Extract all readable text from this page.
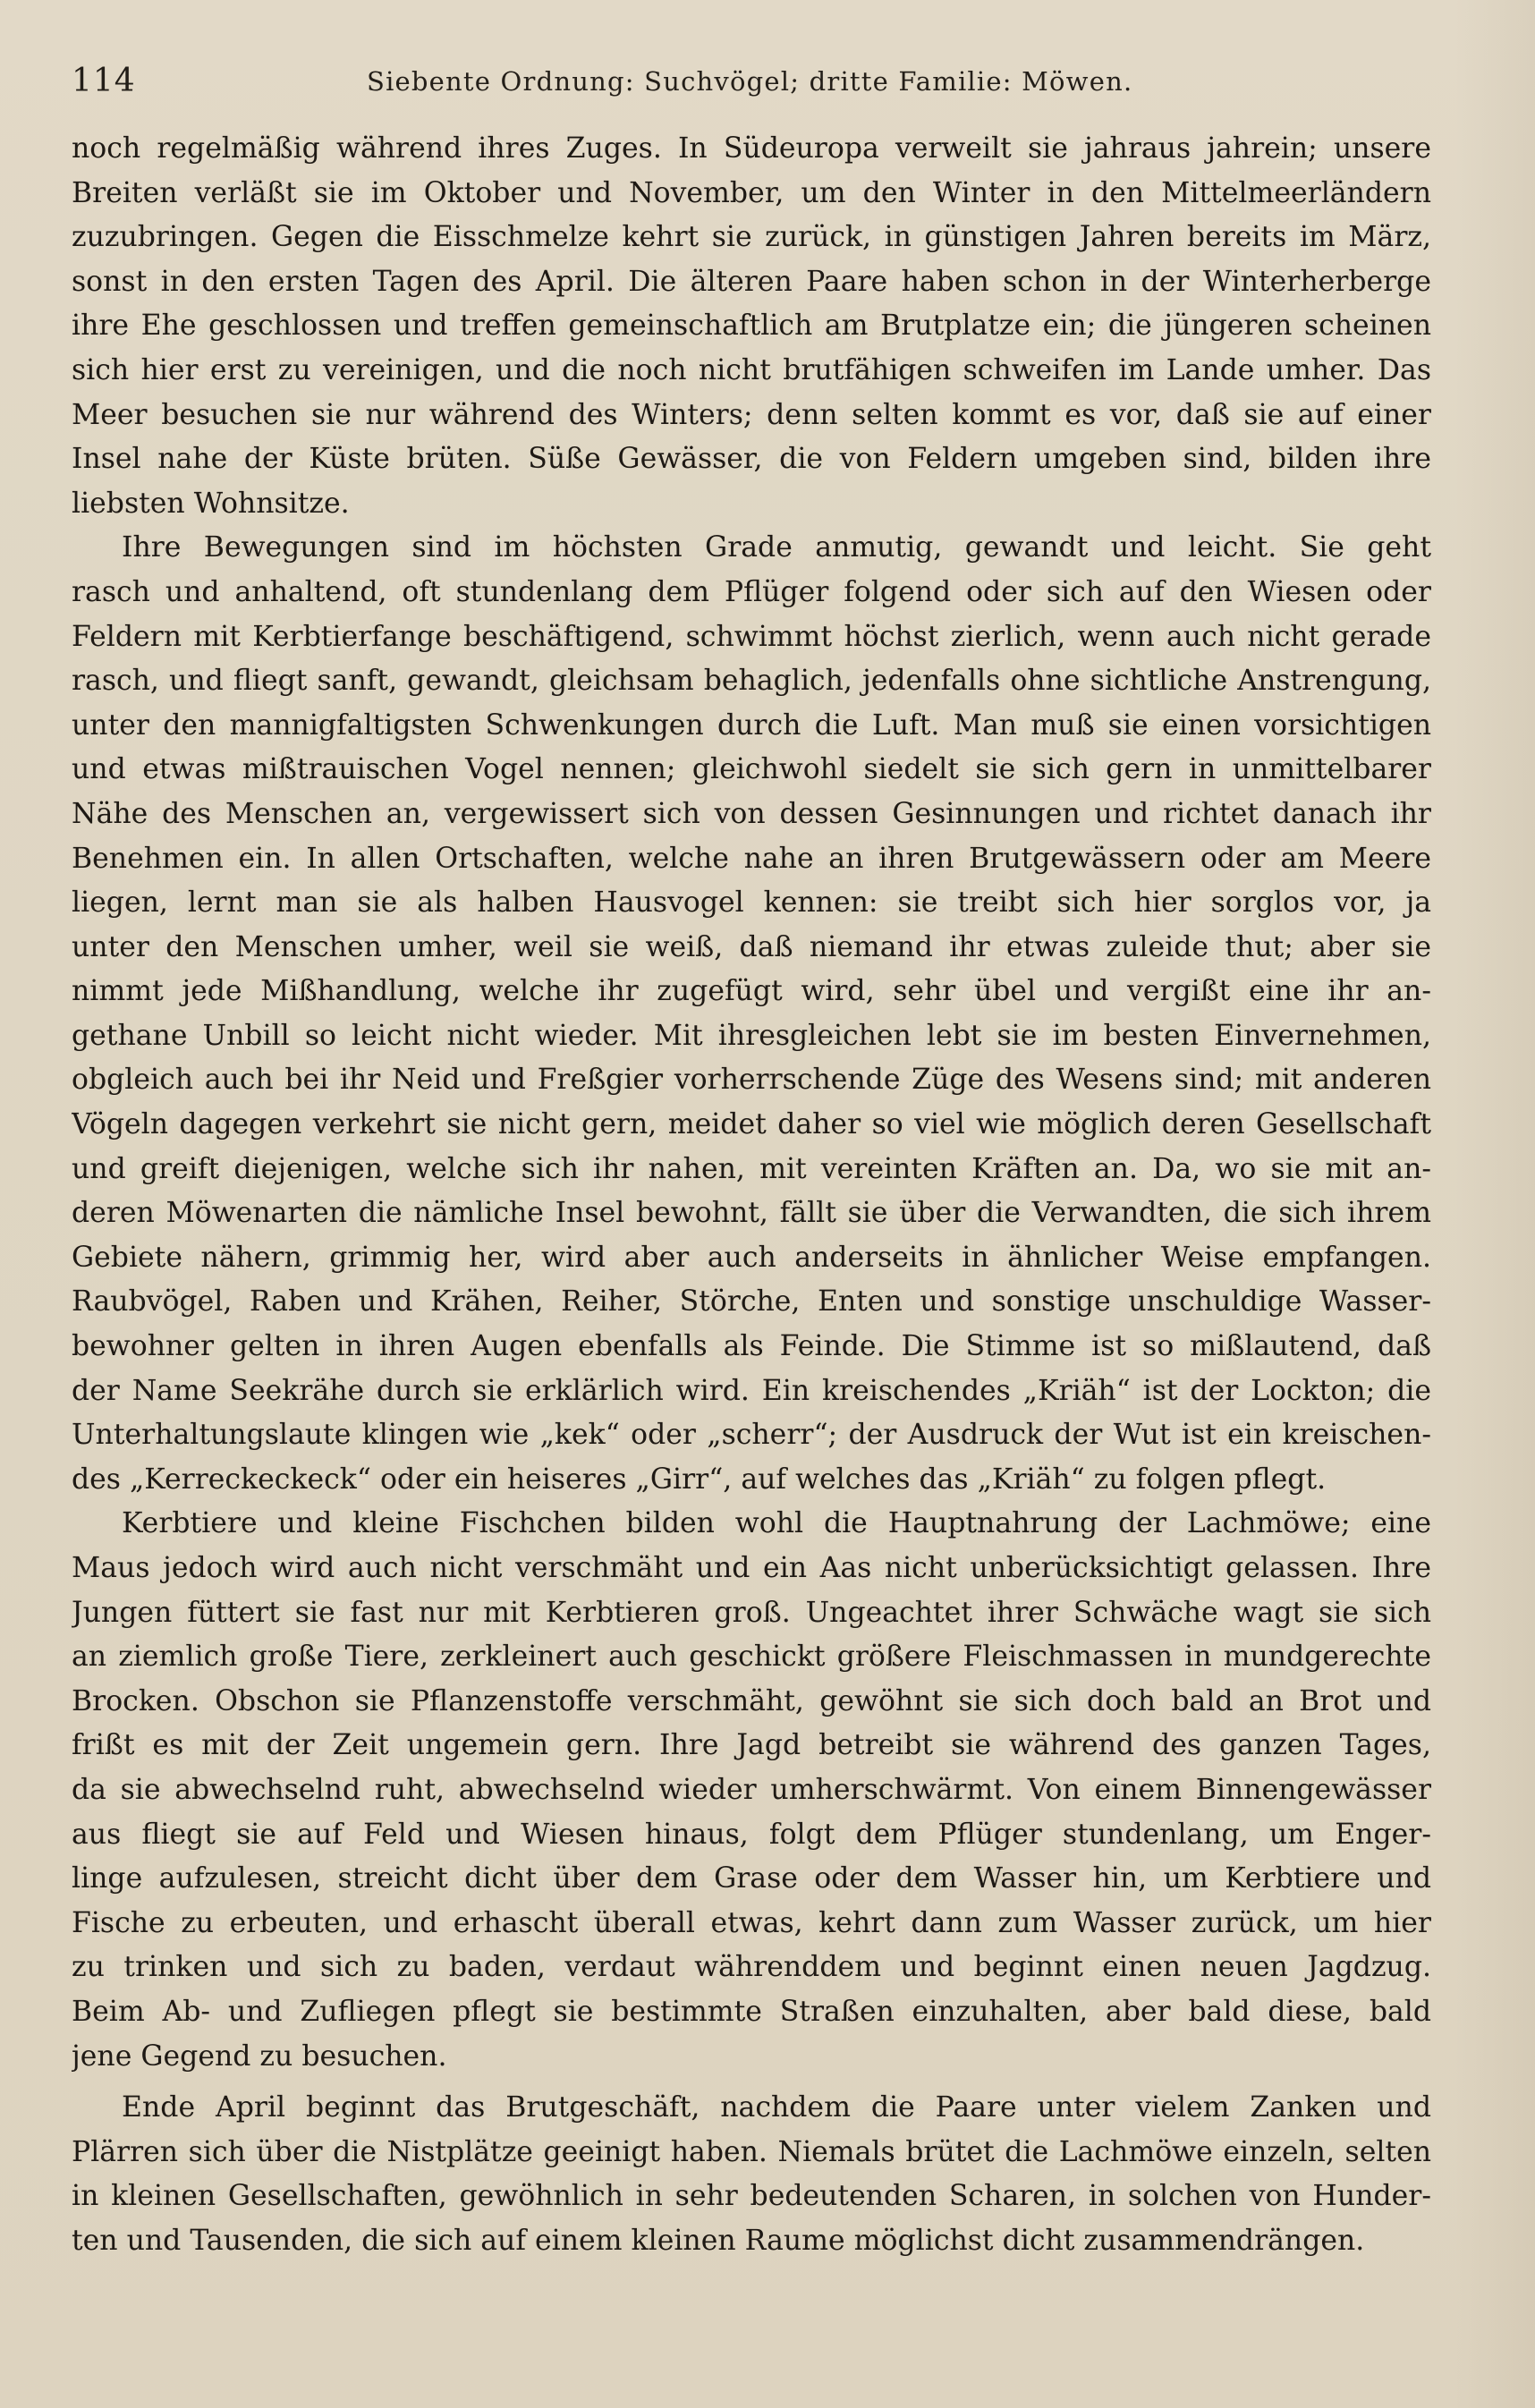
114	Siebente Ordnung: Suchvögel; dritte Familie: Möwen.
noch regelmäßig während ihres Zuges. In Südeuropa verweilt sie jahraus jahrein; unsere
Breiten verläßt sie im Oktober und November, um den Winter in den Mittelmeerländern
zuzubringen. Gegen die Eisschmelze kehrt sie zurück, in günstigen Jahren bereits im März,
sonst in den ersten Tagen des April. Die älteren Paare haben schon in der Winterherberge
ihre Ehe geschlossen und treffen gemeinschaftlich am Brutplatze ein; die jüngeren scheinen
sich hier erst zu vereinigen, und die noch nicht brutfähigen schweifen im Lande umher. Das
Meer besuchen sie nur während des Winters; denn selten kommt es vor, daß sie auf einer
Insel nahe der Küste brüten. Süße Gewässer, die von Feldern umgeben sind, bilden ihre
liebsten Wohnsitze.
Ihre Bewegungen sind im höchsten Grade anmutig, gewandt und leicht. Sie geht
rasch und anhaltend, oft stundenlang dem Pflüger folgend oder sich auf den Wiesen oder
Feldern mit Kerbtierfange beschäftigend, schwimmt höchst zierlich, wenn auch nicht gerade
rasch, und fliegt sanft, gewandt, gleichsam behaglich, jedenfalls ohne sichtliche Anstrengung,
unter den mannigfaltigsten Schwenkungen durch die Luft. Man muß sie einen vorsichtigen
und etwas mißtrauischen Vogel nennen; gleichwohl siedelt sie sich gern in unmittelbarer
Nähe des Menschen an, vergewissert sich von dessen Gesinnungen und richtet danach ihr
Benehmen ein. In allen Ortschaften, welche nahe an ihren Brutgewässern oder am Meere
liegen, lernt man sie als halben Hausvogel kennen: sie treibt sich hier sorglos vor, ja
unter den Menschen umher, weil sie weiß, daß niemand ihr etwas zuleide thut; aber sie
nimmt jede Mißhandlung, welche ihr zugefügt wird, sehr übel und vergißt eine ihr an-
gethane Unbill so leicht nicht wieder. Mit ihresgleichen lebt sie im besten Einvernehmen,
obgleich auch bei ihr Neid und Freßgier vorherrschende Züge des Wesens sind; mit anderen
Vögeln dagegen verkehrt sie nicht gern, meidet daher so viel wie möglich deren Gesellschaft
und greift diejenigen, welche sich ihr nahen, mit vereinten Kräften an. Da, wo sie mit an-
deren Möwenarten die nämliche Insel bewohnt, fällt sie über die Verwandten, die sich ihrem
Gebiete nähern, grimmig her, wird aber auch anderseits in ähnlicher Weise empfangen.
Raubvögel, Raben und Krähen, Reiher, Störche, Enten und sonstige unschuldige Wasser-
bewohner gelten in ihren Augen ebenfalls als Feinde. Die Stimme ist so mißlautend, daß
der Name Seekrähe durch sie erklärlich wird. Ein kreischendes „Kriäh“ ist der Lockton; die
Unterhaltungslaute klingen wie „kek“ oder „scherr“; der Ausdruck der Wut ist ein kreischen-
des „Kerreckeckeck“ oder ein heiseres „Girr“, auf welches das „Kriäh“ zu folgen pflegt.
Kerbtiere und kleine Fischchen bilden wohl die Hauptnahrung der Lachmöwe; eine
Maus jedoch wird auch nicht verschmäht und ein Aas nicht unberücksichtigt gelassen. Ihre
Jungen füttert sie fast nur mit Kerbtieren groß. Ungeachtet ihrer Schwäche wagt sie sich
an ziemlich große Tiere, zerkleinert auch geschickt größere Fleischmassen in mundgerechte
Brocken. Obschon sie Pflanzenstoffe verschmäht, gewöhnt sie sich doch bald an Brot und
frißt es mit der Zeit ungemein gern. Ihre Jagd betreibt sie während des ganzen Tages,
da sie abwechselnd ruht, abwechselnd wieder umherschwärmt. Von einem Binnengewässer
aus fliegt sie auf Feld und Wiesen hinaus, folgt dem Pflüger stundenlang, um Enger-
linge aufzulesen, streicht dicht über dem Grase oder dem Wasser hin, um Kerbtiere und
Fische zu erbeuten, und erhascht überall etwas, kehrt dann zum Wasser zurück, um hier
zu trinken und sich zu baden, verdaut währenddem und beginnt einen neuen Jagdzug.
Beim Ab- und Zufliegen pflegt sie bestimmte Straßen einzuhalten, aber bald diese, bald
jene Gegend zu besuchen.
Ende April beginnt das Brutgeschäft, nachdem die Paare unter vielem Zanken und
Plärren sich über die Nistplätze geeinigt haben. Niemals brütet die Lachmöwe einzeln, selten
in kleinen Gesellschaften, gewöhnlich in sehr bedeutenden Scharen, in solchen von Hunder-
ten und Tausenden, die sich auf einem kleinen Raume möglichst dicht zusammendrängen.
